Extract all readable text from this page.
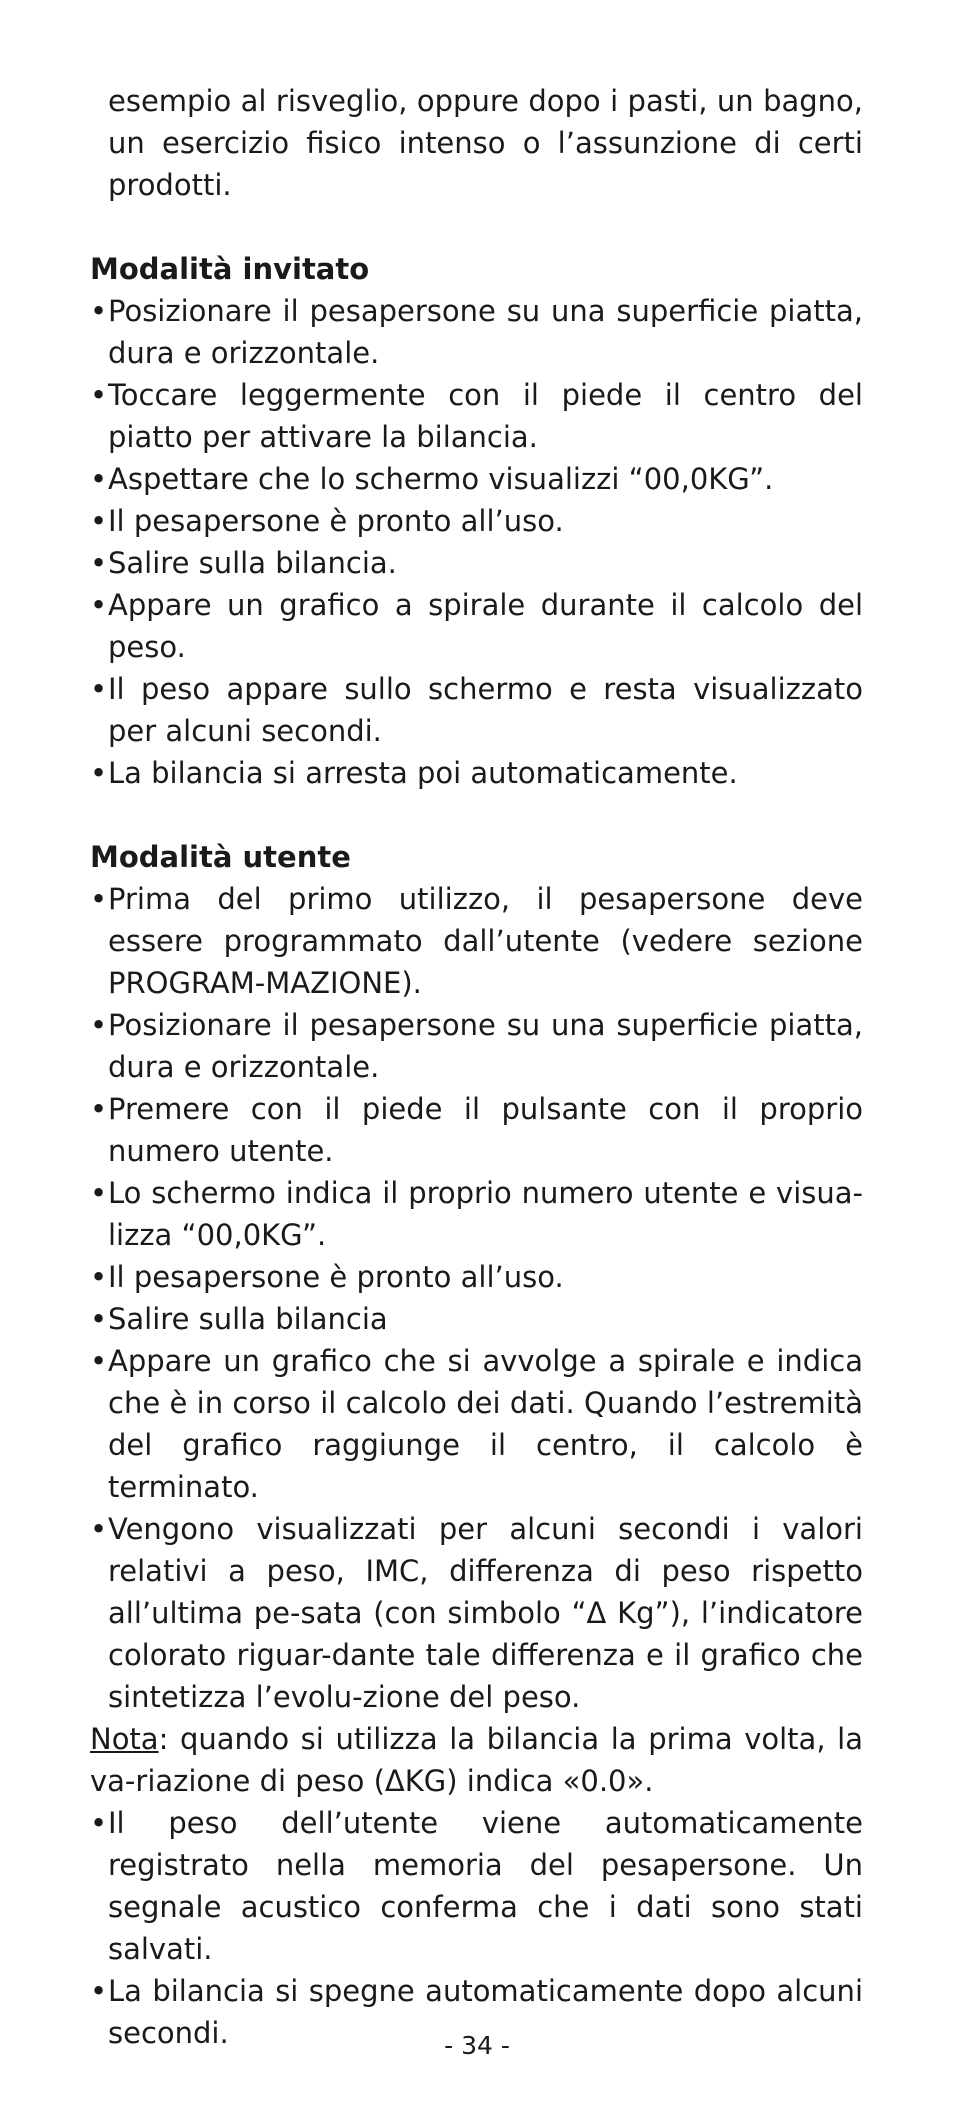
esempio al risveglio, oppure dopo i pasti, un bagno, un esercizio fisico intenso o l’assunzione di certi prodotti.
Modalità invitato
• Posizionare il pesapersone su una superficie piatta, dura e orizzontale.
• Toccare leggermente con il piede il centro del piatto per attivare la bilancia.
• Aspettare che lo schermo visualizzi “00,0KG”.
• Il pesapersone è pronto all’uso.
• Salire sulla bilancia.
• Appare un grafico a spirale durante il calcolo del peso.
• Il peso appare sullo schermo e resta visualizzato per alcuni secondi.
• La bilancia si arresta poi automaticamente.
Modalità utente
• Prima del primo utilizzo, il pesapersone deve essere programmato dall’utente (vedere sezione PROGRAM-MAZIONE).
• Posizionare il pesapersone su una superficie piatta, dura e orizzontale.
• Premere con il piede il pulsante con il proprio numero utente.
• Lo schermo indica il proprio numero utente e visua-lizza “00,0KG”.
• Il pesapersone è pronto all’uso.
• Salire sulla bilancia
• Appare un grafico che si avvolge a spirale e indica che è in corso il calcolo dei dati. Quando l’estremità del grafico raggiunge il centro, il calcolo è terminato.
• Vengono visualizzati per alcuni secondi i valori relativi a peso, IMC, differenza di peso rispetto all’ultima pe-sata (con simbolo “Δ Kg”), l’indicatore colorato riguar-dante tale differenza e il grafico che sintetizza l’evolu-zione del peso.
Nota: quando si utilizza la bilancia la prima volta, la va-riazione di peso (ΔKG) indica «0.0».
• Il peso dell’utente viene automaticamente registrato nella memoria del pesapersone. Un segnale acustico conferma che i dati sono stati salvati.
• La bilancia si spegne automaticamente dopo alcuni secondi.	- 34 -
